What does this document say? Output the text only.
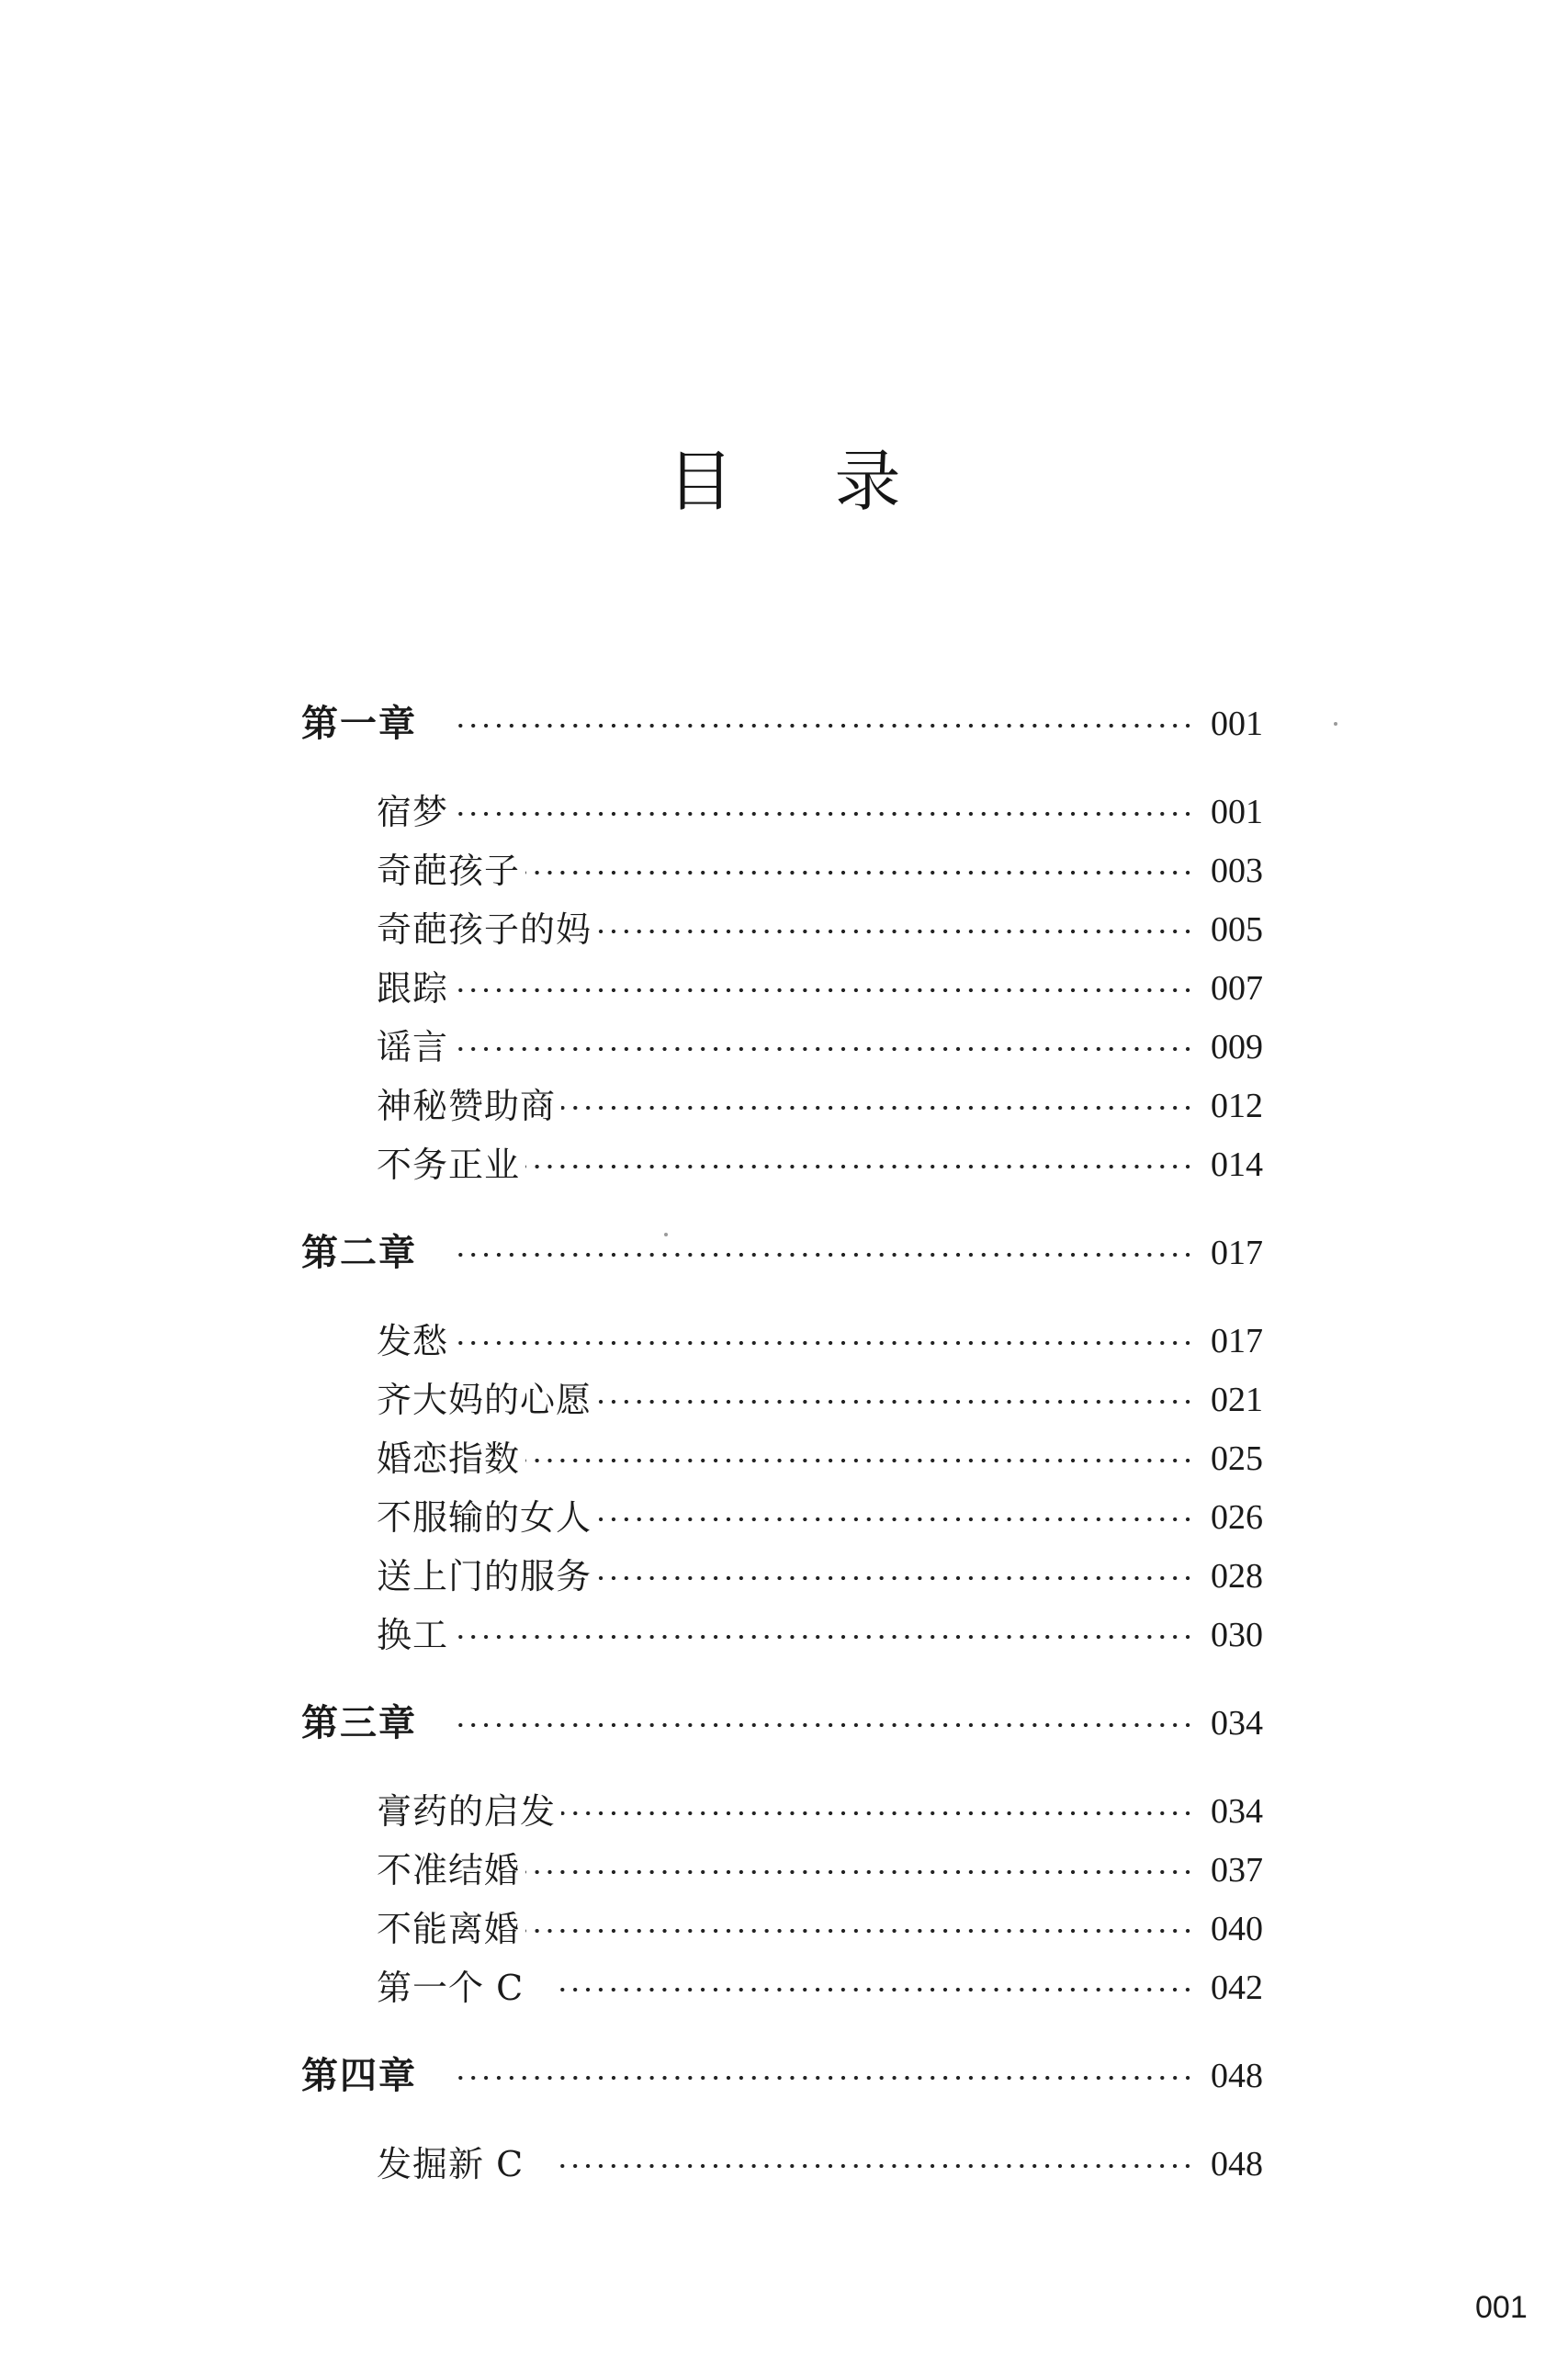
目录
第一章	001
宿梦	001
奇葩孩子	003
奇葩孩子的妈	005
跟踪	007
谣言	009
神秘赞助商	012
不务正业	014
第二章	017
发愁	017
齐大妈的心愿	021
婚恋指数	025
不服输的女人	026
送上门的服务	028
换工	030
第三章	034
膏药的启发	034
不准结婚	037
不能离婚	040
第一个 C	042
第四章	048
发掘新 C	048
001
